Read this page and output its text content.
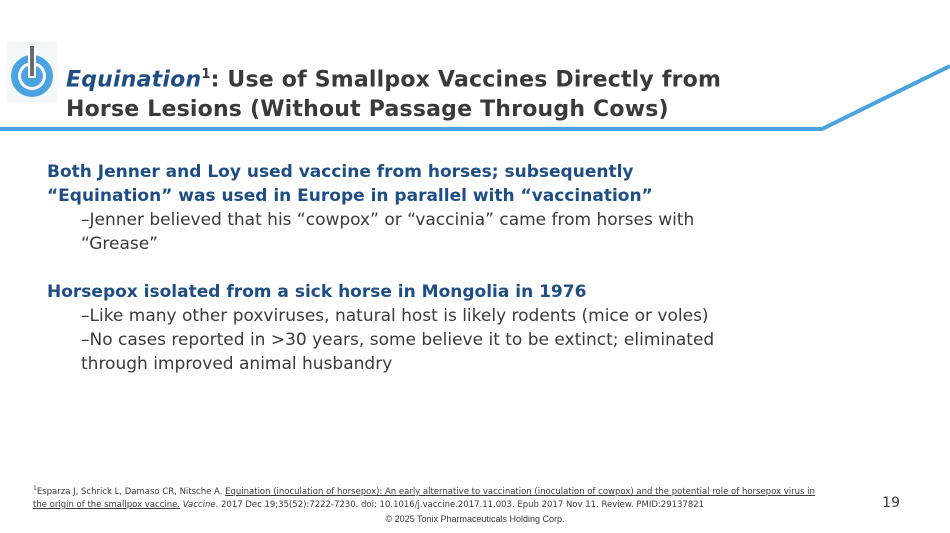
Equination$^1$: Use of Smallpox Vaccines Directly from
Horse Lesions (Without Passage Through Cows)

Both Jenner and Loy used vaccine from horses; subsequently
“Equination” was used in Europe in parallel with “vaccination”

–Jenner believed that his “cowpox” or “vaccinia” came from horses with
“Grease”

Horsepox isolated from a sick horse in Mongolia in 1976

–Like many other poxviruses, natural host is likely rodents (mice or voles)

–No cases reported in >30 years, some believe it to be extinct; eliminated
through improved animal husbandry

$^1$Esparza J, Schrick L, Damaso CR, Nitsche A. Equination (inoculation of horsepox): An early alternative to vaccination (inoculation of cowpox) and the potential role of horsepox virus in
the origin of the smallpox vaccine. Vaccine. 2017 Dec 19;35(52):7222-7230. doi: 10.1016/j.vaccine.2017.11.003. Epub 2017 Nov 11. Review. PMID:29137821	19
© 2025 Tonix Pharmaceuticals Holding Corp.
